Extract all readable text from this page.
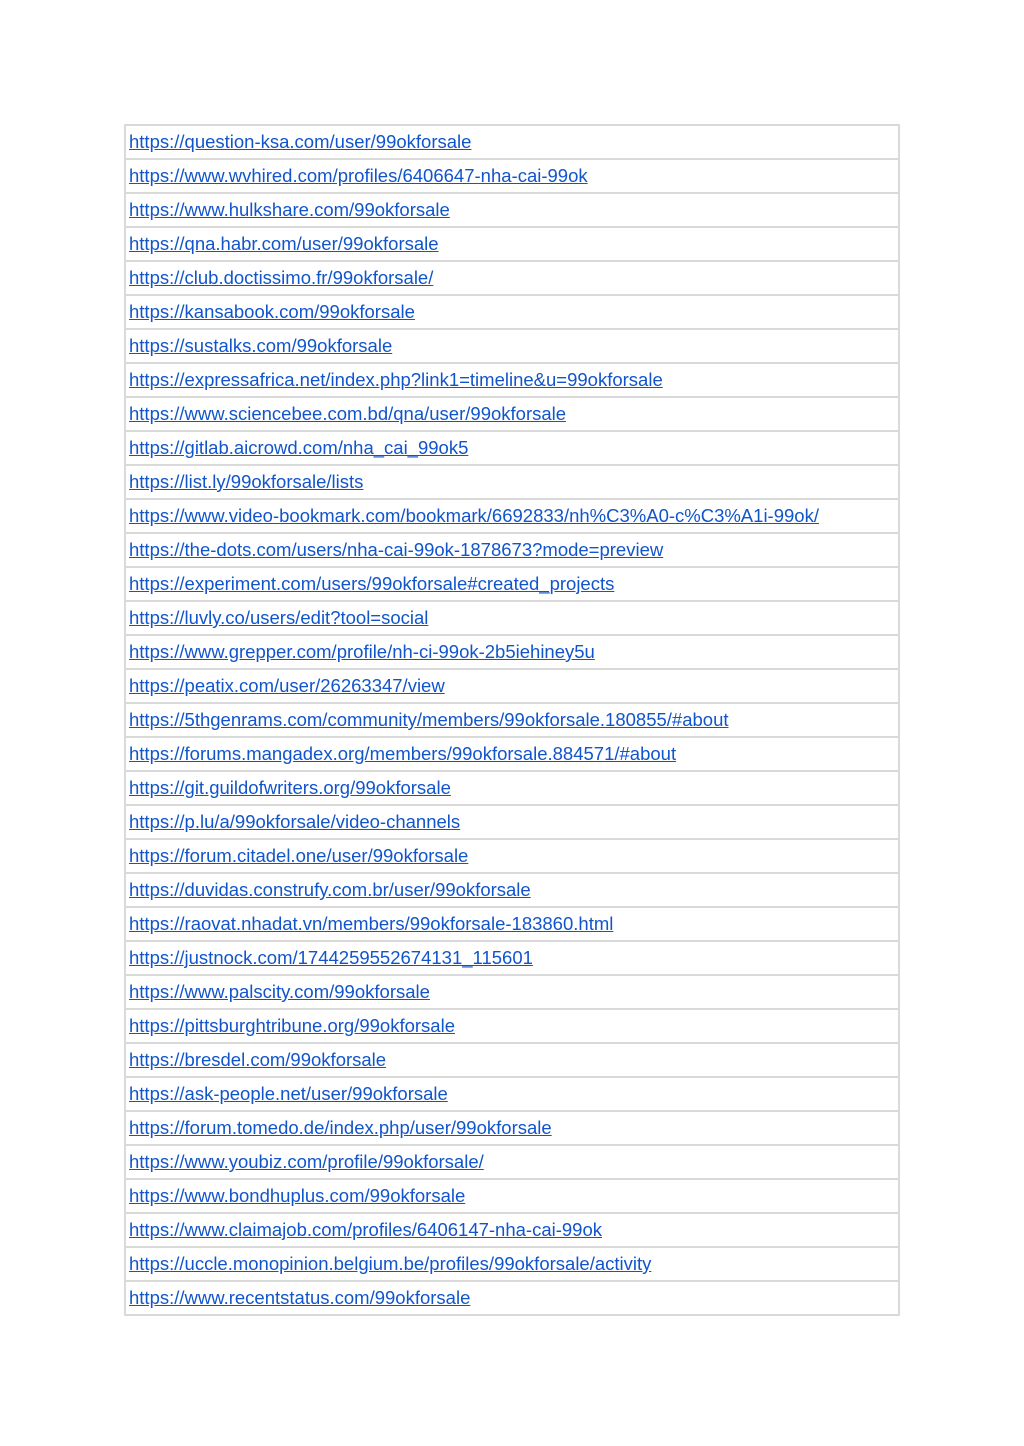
https://question-ksa.com/user/99okforsale
https://www.wvhired.com/profiles/6406647-nha-cai-99ok
https://www.hulkshare.com/99okforsale
https://qna.habr.com/user/99okforsale
https://club.doctissimo.fr/99okforsale/
https://kansabook.com/99okforsale
https://sustalks.com/99okforsale
https://expressafrica.net/index.php?link1=timeline&u=99okforsale
https://www.sciencebee.com.bd/qna/user/99okforsale
https://gitlab.aicrowd.com/nha_cai_99ok5
https://list.ly/99okforsale/lists
https://www.video-bookmark.com/bookmark/6692833/nh%C3%A0-c%C3%A1i-99ok/
https://the-dots.com/users/nha-cai-99ok-1878673?mode=preview
https://experiment.com/users/99okforsale#created_projects
https://luvly.co/users/edit?tool=social
https://www.grepper.com/profile/nh-ci-99ok-2b5iehiney5u
https://peatix.com/user/26263347/view
https://5thgenrams.com/community/members/99okforsale.180855/#about
https://forums.mangadex.org/members/99okforsale.884571/#about
https://git.guildofwriters.org/99okforsale
https://p.lu/a/99okforsale/video-channels
https://forum.citadel.one/user/99okforsale
https://duvidas.construfy.com.br/user/99okforsale
https://raovat.nhadat.vn/members/99okforsale-183860.html
https://justnock.com/1744259552674131_115601
https://www.palscity.com/99okforsale
https://pittsburghtribune.org/99okforsale
https://bresdel.com/99okforsale
https://ask-people.net/user/99okforsale
https://forum.tomedo.de/index.php/user/99okforsale
https://www.youbiz.com/profile/99okforsale/
https://www.bondhuplus.com/99okforsale
https://www.claimajob.com/profiles/6406147-nha-cai-99ok
https://uccle.monopinion.belgium.be/profiles/99okforsale/activity
https://www.recentstatus.com/99okforsale
